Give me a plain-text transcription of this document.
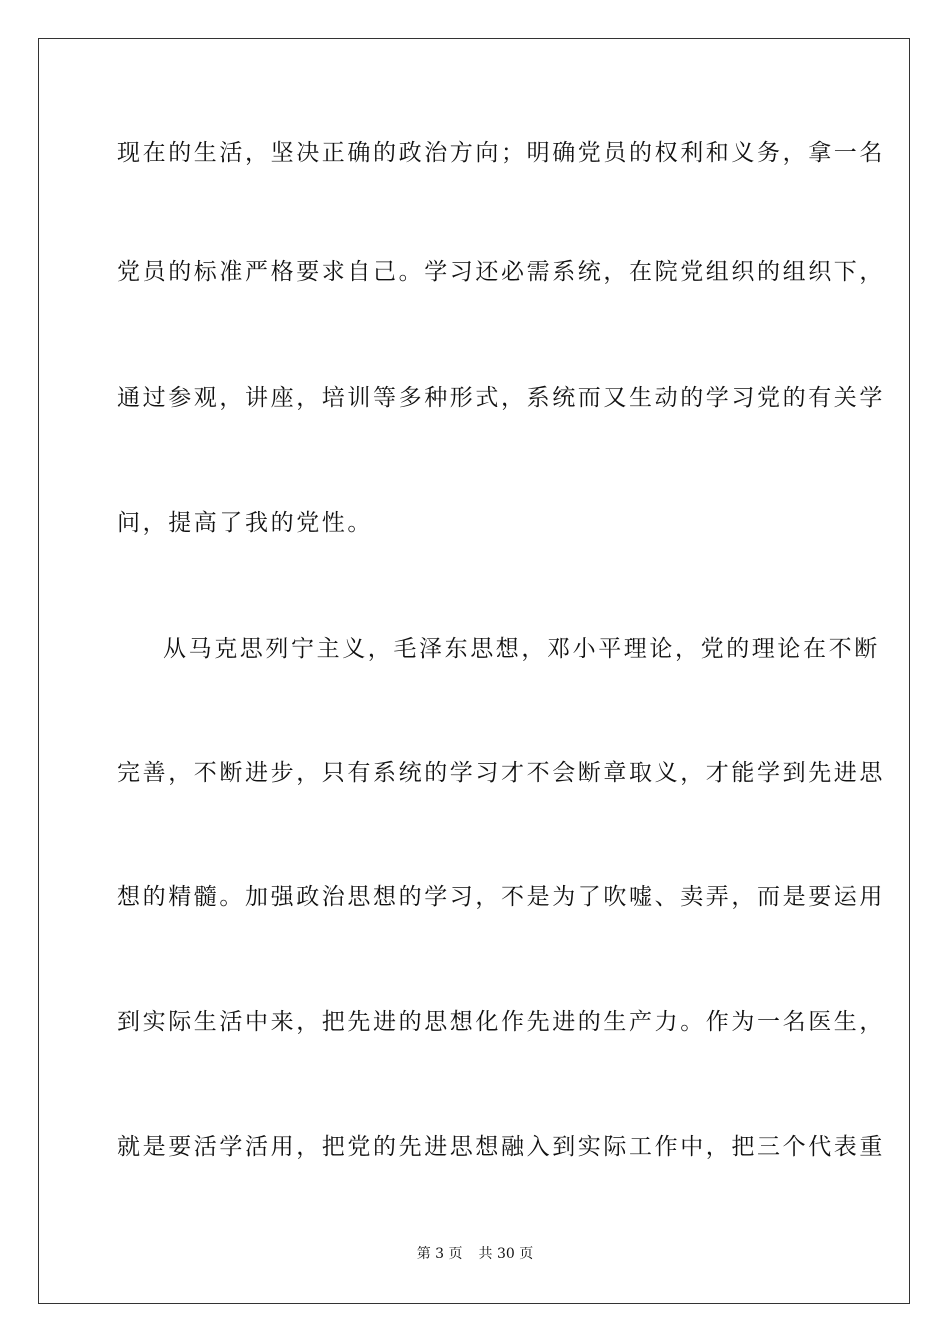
现在的生活，坚决正确的政治方向；明确党员的权利和义务，拿一名
党员的标准严格要求自己。学习还必需系统，在院党组织的组织下，
通过参观，讲座，培训等多种形式，系统而又生动的学习党的有关学
问，提高了我的党性。
从马克思列宁主义，毛泽东思想，邓小平理论，党的理论在不断
完善，不断进步，只有系统的学习才不会断章取义，才能学到先进思
想的精髓。加强政治思想的学习，不是为了吹嘘、卖弄，而是要运用
到实际生活中来，把先进的思想化作先进的生产力。作为一名医生，
就是要活学活用，把党的先进思想融入到实际工作中，把三个代表重
第 3 页 共 30 页
